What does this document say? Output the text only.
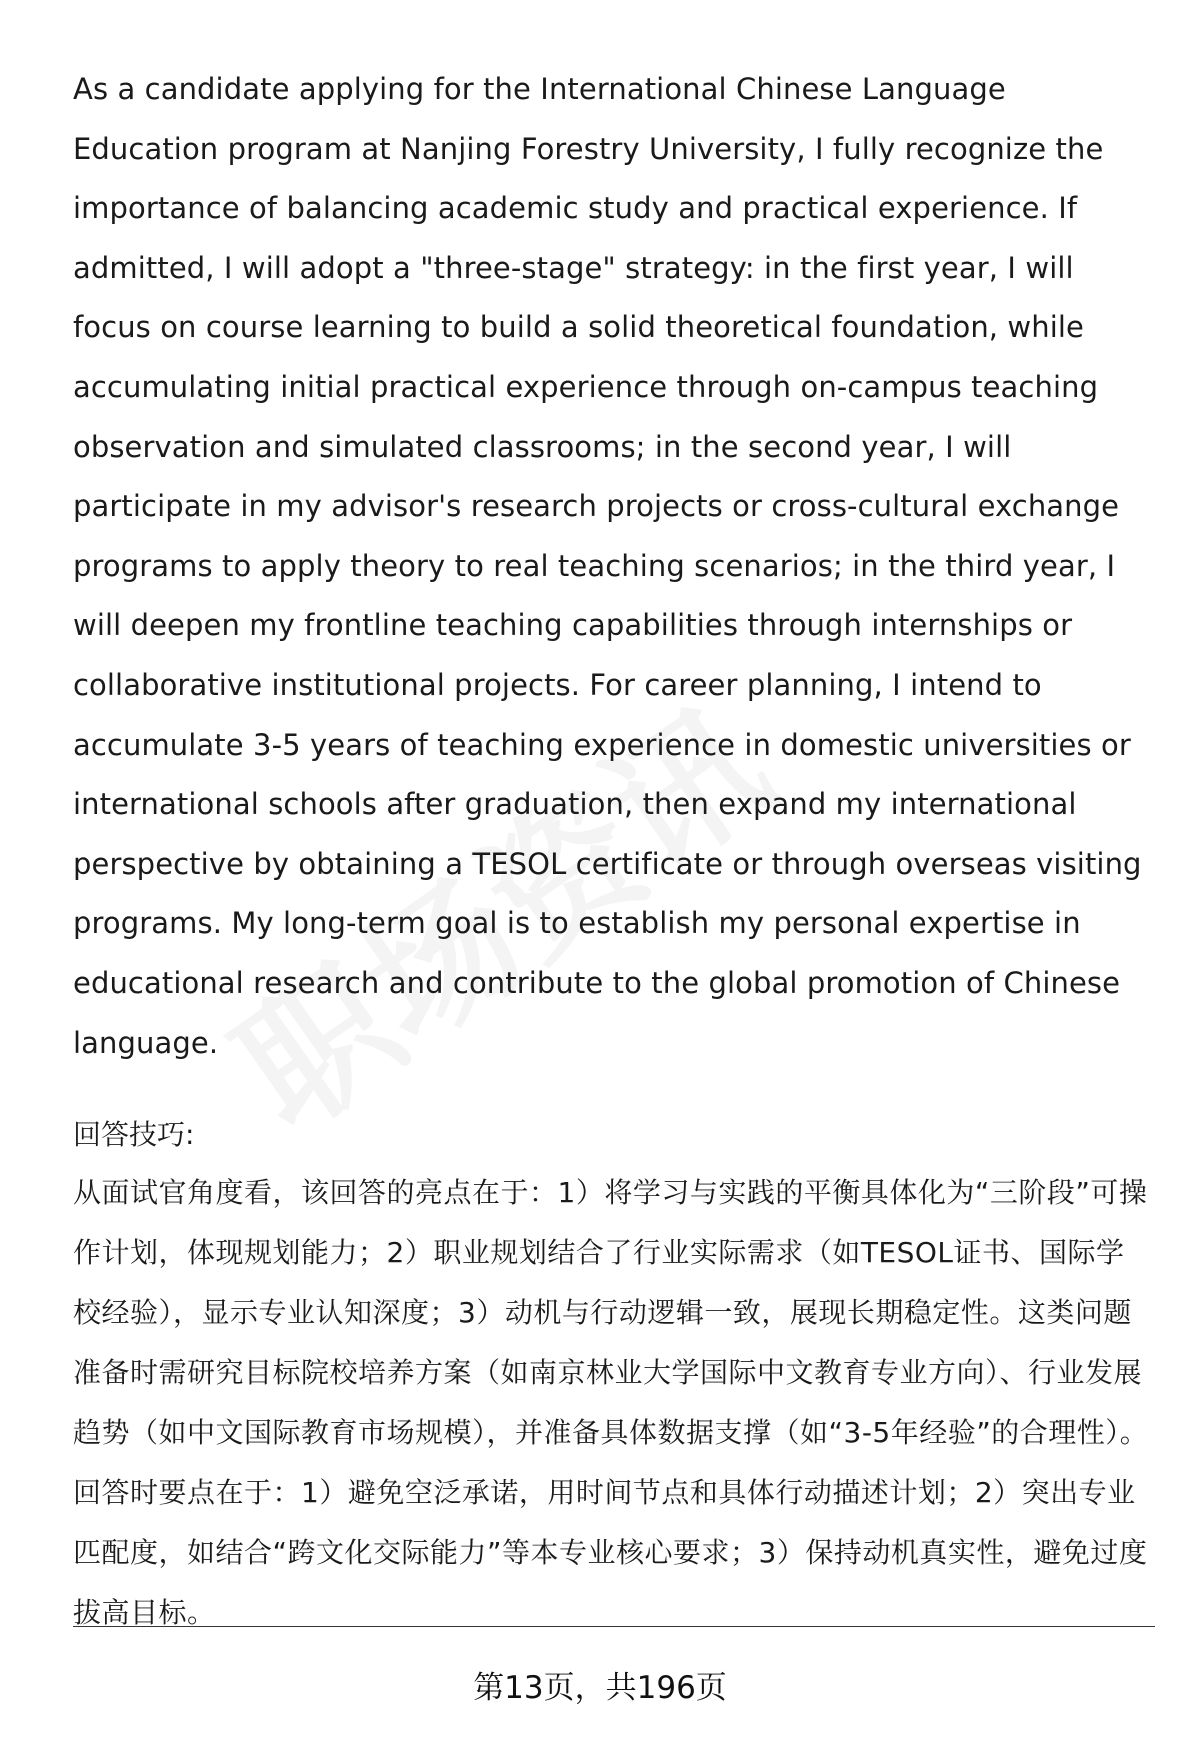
As a candidate applying for the International Chinese Language Education program at Nanjing Forestry University, I fully recognize the importance of balancing academic study and practical experience. If admitted, I will adopt a "three-stage" strategy: in the first year, I will focus on course learning to build a solid theoretical foundation, while accumulating initial practical experience through on-campus teaching observation and simulated classrooms; in the second year, I will participate in my advisor's research projects or cross-cultural exchange programs to apply theory to real teaching scenarios; in the third year, I will deepen my frontline teaching capabilities through internships or collaborative institutional projects. For career planning, I intend to accumulate 3-5 years of teaching experience in domestic universities or international schools after graduation, then expand my international perspective by obtaining a TESOL certificate or through overseas visiting programs. My long-term goal is to establish my personal expertise in educational research and contribute to the global promotion of Chinese language.

回答技巧:

从面试官角度看，该回答的亮点在于：1）将学习与实践的平衡具体化为“三阶段”可操作计划，体现规划能力；2）职业规划结合了行业实际需求（如TESOL证书、国际学校经验），显示专业认知深度；3）动机与行动逻辑一致，展现长期稳定性。这类问题准备时需研究目标院校培养方案（如南京林业大学国际中文教育专业方向）、行业发展趋势（如中文国际教育市场规模），并准备具体数据支撑（如“3-5年经验”的合理性）。回答时要点在于：1）避免空泛承诺，用时间节点和具体行动描述计划；2）突出专业匹配度，如结合“跨文化交际能力”等本专业核心要求；3）保持动机真实性，避免过度拔高目标。

第13页，共196页
